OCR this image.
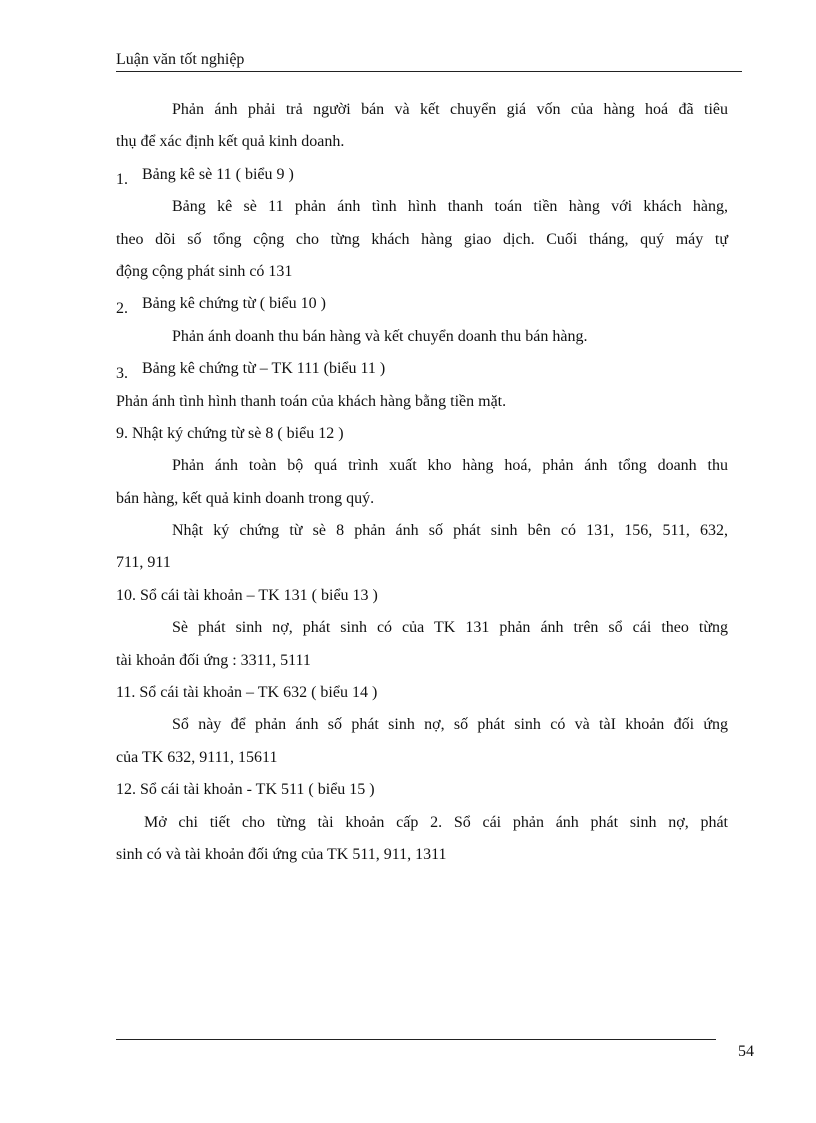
Luận văn tốt nghiệp
Phản ánh phải trả người bán và kết chuyển giá vốn của hàng hoá đã tiêu
thụ để xác định kết quả kinh doanh.
1. Bảng kê sè 11 ( biểu 9 )
Bảng kê sè 11 phản ánh tình hình thanh toán tiền hàng với khách hàng,
theo dõi số tổng cộng cho từng khách hàng giao dịch. Cuối tháng, quý máy tự
động cộng phát sinh có 131
2. Bảng kê chứng từ ( biểu 10 )
Phản ánh doanh thu bán hàng và kết chuyển doanh thu bán hàng.
3. Bảng kê chứng từ – TK 111 (biểu 11 )
Phản ánh tình hình thanh toán của khách hàng bằng tiền mặt.
9. Nhật ký chứng từ sè 8 ( biểu 12 )
Phản ánh toàn bộ quá trình xuất kho hàng hoá, phản ánh tổng doanh thu
bán hàng, kết quả kinh doanh trong quý.
Nhật ký chứng từ sè 8 phản ánh số phát sinh bên có 131, 156, 511, 632,
711, 911
10. Sổ cái tài khoản – TK 131 ( biểu 13 )
Sè phát sinh nợ, phát sinh có của TK 131 phản ánh trên sổ cái theo từng
tài khoản đối ứng : 3311, 5111
11. Sổ cái tài khoản – TK 632 ( biểu 14 )
Sổ này để phản ánh số phát sinh nợ, số phát sinh có và tàI khoản đối ứng
của TK 632, 9111, 15611
12. Sổ cái tài khoản - TK 511 ( biểu 15 )
Mở chi tiết cho từng tài khoản cấp 2. Sổ cái phản ánh phát sinh nợ, phát
sinh có và tài khoản đối ứng của TK 511, 911, 1311
54
